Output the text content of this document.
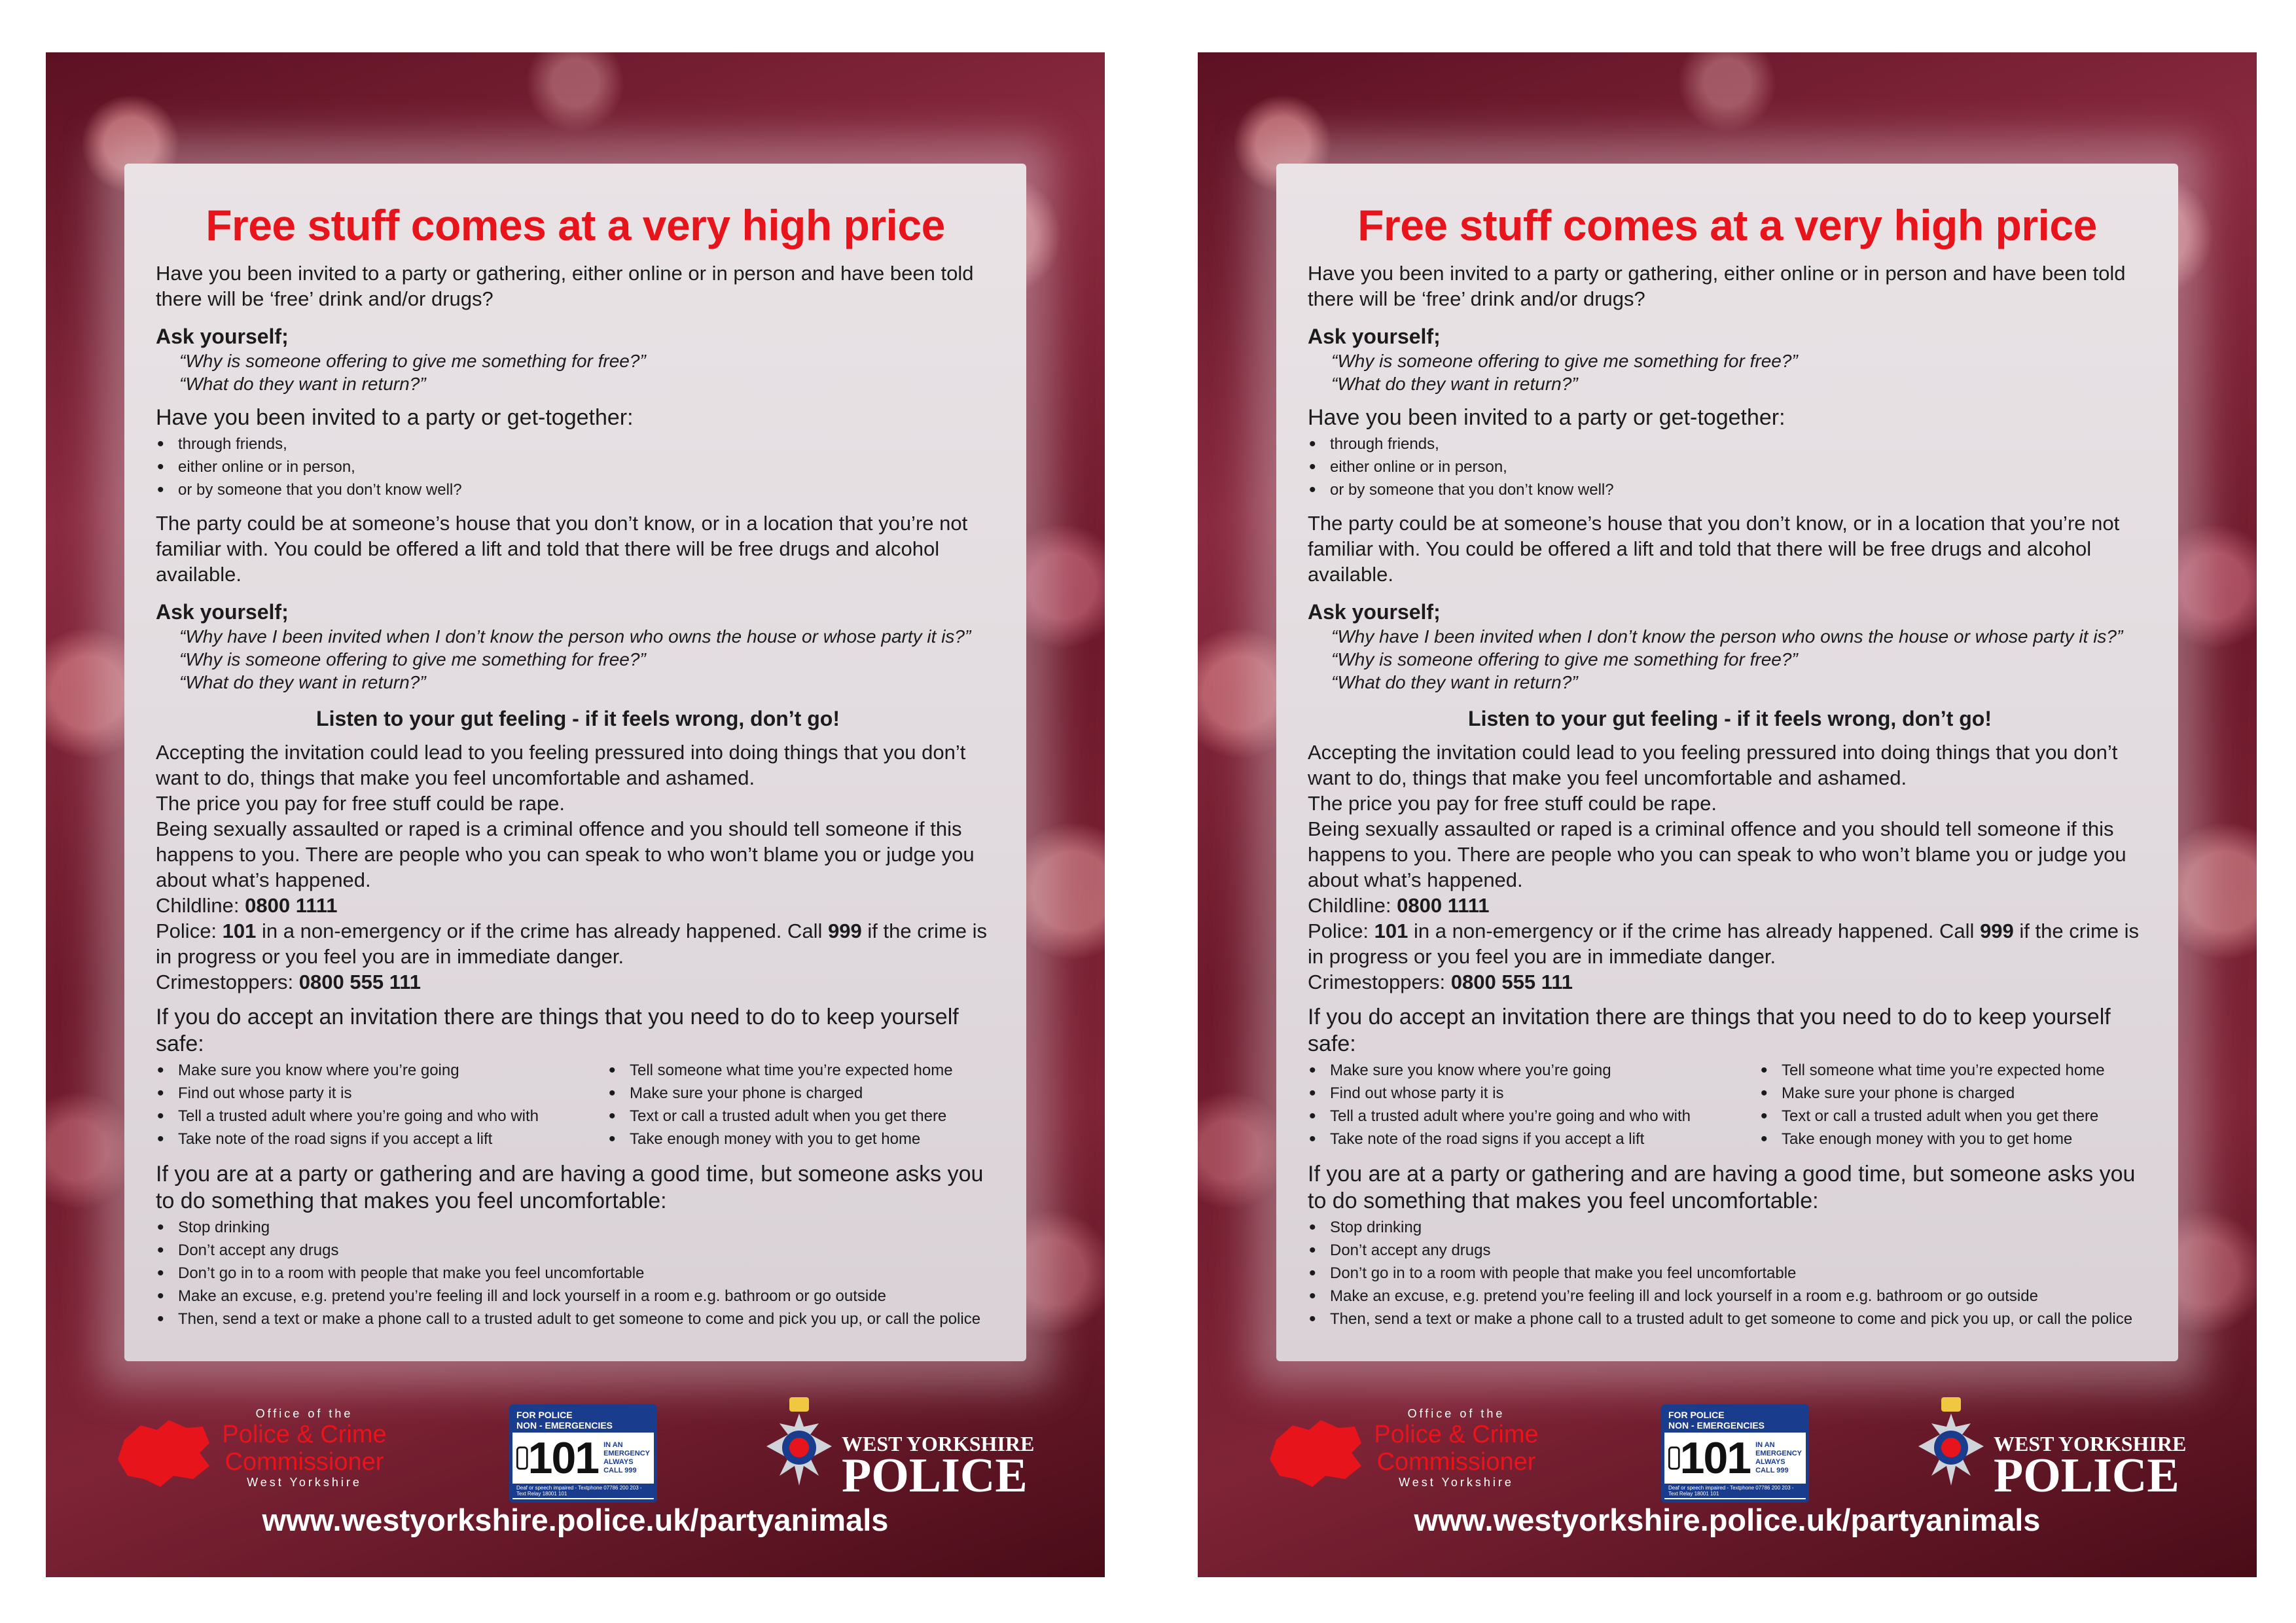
Free stuff comes at a very high price

Have you been invited to a party or gathering, either online or in person and have been told there will be ‘free’ drink and/or drugs?

Ask yourself;

“Why is someone offering to give me something for free?”

“What do they want in return?”

Have you been invited to a party or get-together:

• through friends,
• either online or in person,
• or by someone that you don’t know well?

The party could be at someone’s house that you don’t know, or in a location that you’re not familiar with. You could be offered a lift and told that there will be free drugs and alcohol available.

Ask yourself;

“Why have I been invited when I don’t know the person who owns the house or whose party it is?”

“Why is someone offering to give me something for free?”

“What do they want in return?”

Listen to your gut feeling - if it feels wrong, don’t go!

Accepting the invitation could lead to you feeling pressured into doing things that you don’t want to do, things that make you feel uncomfortable and ashamed.

The price you pay for free stuff could be rape.

Being sexually assaulted or raped is a criminal offence and you should tell someone if this happens to you. There are people who you can speak to who won’t blame you or judge you about what’s happened.

Childline: 0800 1111

Police: 101 in a non-emergency or if the crime has already happened. Call 999 if the crime is in progress or you feel you are in immediate danger.

Crimestoppers: 0800 555 111

If you do accept an invitation there are things that you need to do to keep yourself safe:

• Make sure you know where you’re going
• Find out whose party it is
• Tell a trusted adult where you’re going and who with
• Take note of the road signs if you accept a lift
• Tell someone what time you’re expected home
• Make sure your phone is charged
• Text or call a trusted adult when you get there
• Take enough money with you to get home

If you are at a party or gathering and are having a good time, but someone asks you to do something that makes you feel uncomfortable:

• Stop drinking
• Don’t accept any drugs
• Don’t go in to a room with people that make you feel uncomfortable
• Make an excuse, e.g. pretend you’re feeling ill and lock yourself in a room e.g. bathroom or go outside
• Then, send a text or make a phone call to a trusted adult to get someone to come and pick you up, or call the police
Office of the
Police & Crime
Commissioner
West Yorkshire
FOR POLICE
NON - EMERGENCIES
101 IN AN
EMERGENCY
ALWAYS
CALL 999
Deaf or speech impaired - Textphone 07786 200 203 - Text Relay 18001 101
WEST YORKSHIRE
POLICE
www.westyorkshire.police.uk/partyanimals
Free stuff comes at a very high price

Have you been invited to a party or gathering, either online or in person and have been told there will be ‘free’ drink and/or drugs?

Ask yourself;

“Why is someone offering to give me something for free?”

“What do they want in return?”

Have you been invited to a party or get-together:

• through friends,
• either online or in person,
• or by someone that you don’t know well?

The party could be at someone’s house that you don’t know, or in a location that you’re not familiar with. You could be offered a lift and told that there will be free drugs and alcohol available.

Ask yourself;

“Why have I been invited when I don’t know the person who owns the house or whose party it is?”

“Why is someone offering to give me something for free?”

“What do they want in return?”

Listen to your gut feeling - if it feels wrong, don’t go!

Accepting the invitation could lead to you feeling pressured into doing things that you don’t want to do, things that make you feel uncomfortable and ashamed.

The price you pay for free stuff could be rape.

Being sexually assaulted or raped is a criminal offence and you should tell someone if this happens to you. There are people who you can speak to who won’t blame you or judge you about what’s happened.

Childline: 0800 1111

Police: 101 in a non-emergency or if the crime has already happened. Call 999 if the crime is in progress or you feel you are in immediate danger.

Crimestoppers: 0800 555 111

If you do accept an invitation there are things that you need to do to keep yourself safe:

• Make sure you know where you’re going
• Find out whose party it is
• Tell a trusted adult where you’re going and who with
• Take note of the road signs if you accept a lift
• Tell someone what time you’re expected home
• Make sure your phone is charged
• Text or call a trusted adult when you get there
• Take enough money with you to get home

If you are at a party or gathering and are having a good time, but someone asks you to do something that makes you feel uncomfortable:

• Stop drinking
• Don’t accept any drugs
• Don’t go in to a room with people that make you feel uncomfortable
• Make an excuse, e.g. pretend you’re feeling ill and lock yourself in a room e.g. bathroom or go outside
• Then, send a text or make a phone call to a trusted adult to get someone to come and pick you up, or call the police
Office of the
Police & Crime
Commissioner
West Yorkshire
FOR POLICE
NON - EMERGENCIES
101 IN AN
EMERGENCY
ALWAYS
CALL 999
Deaf or speech impaired - Textphone 07786 200 203 - Text Relay 18001 101
WEST YORKSHIRE
POLICE
www.westyorkshire.police.uk/partyanimals
